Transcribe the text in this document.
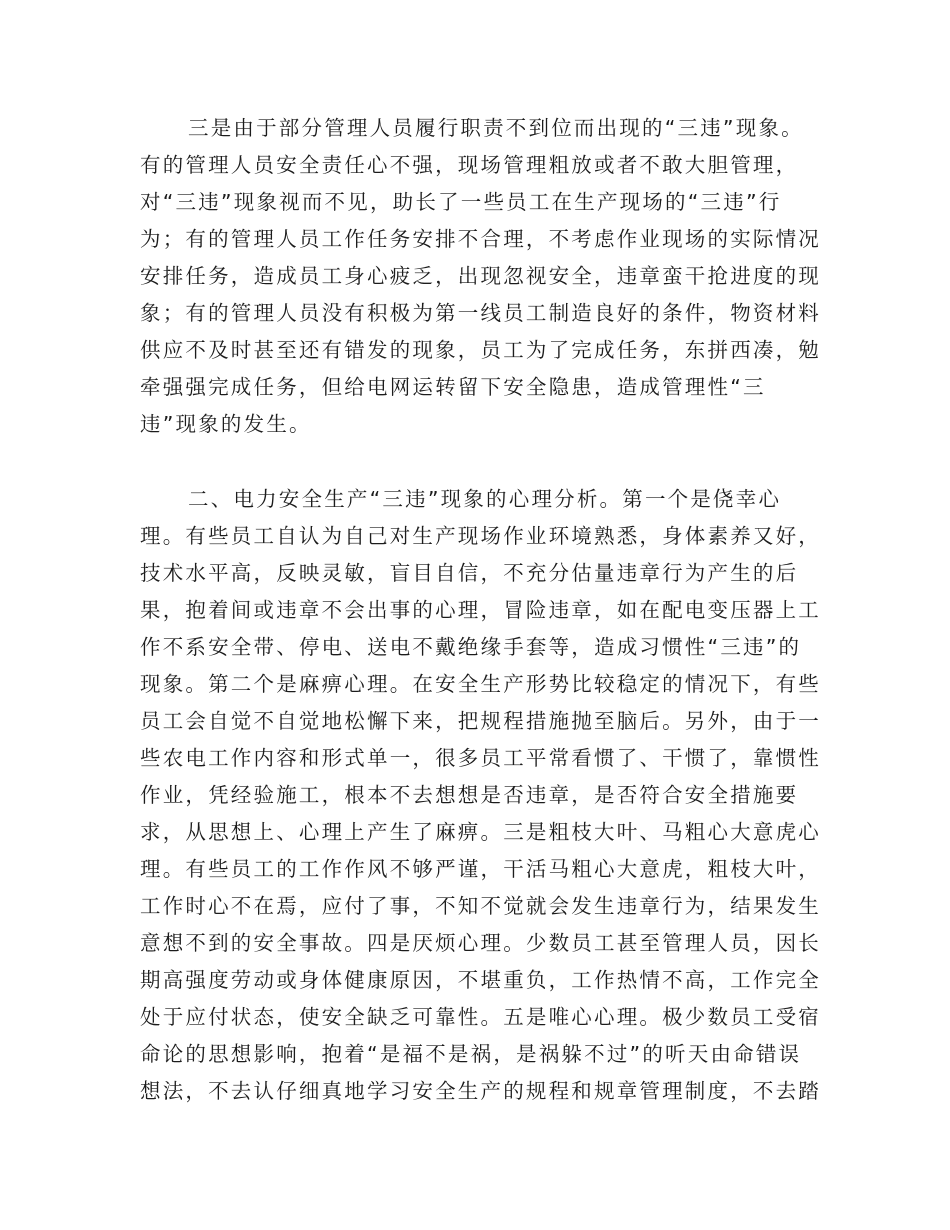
三是由于部分管理人员履行职责不到位而出现的“三违”现象。
有的管理人员安全责任心不强，现场管理粗放或者不敢大胆管理，
对“三违”现象视而不见，助长了一些员工在生产现场的“三违”行
为；有的管理人员工作任务安排不合理，不考虑作业现场的实际情况
安排任务，造成员工身心疲乏，出现忽视安全，违章蛮干抢进度的现
象；有的管理人员没有积极为第一线员工制造良好的条件，物资材料
供应不及时甚至还有错发的现象，员工为了完成任务，东拼西凑，勉
牵强强完成任务，但给电网运转留下安全隐患，造成管理性“三
违”现象的发生。
二、电力安全生产“三违”现象的心理分析。第一个是侥幸心
理。有些员工自认为自己对生产现场作业环境熟悉，身体素养又好，
技术水平高，反映灵敏，盲目自信，不充分估量违章行为产生的后
果，抱着间或违章不会出事的心理，冒险违章，如在配电变压器上工
作不系安全带、停电、送电不戴绝缘手套等，造成习惯性“三违”的
现象。第二个是麻痹心理。在安全生产形势比较稳定的情况下，有些
员工会自觉不自觉地松懈下来，把规程措施抛至脑后。另外，由于一
些农电工作内容和形式单一，很多员工平常看惯了、干惯了，靠惯性
作业，凭经验施工，根本不去想想是否违章，是否符合安全措施要
求，从思想上、心理上产生了麻痹。三是粗枝大叶、马粗心大意虎心
理。有些员工的工作作风不够严谨，干活马粗心大意虎，粗枝大叶，
工作时心不在焉，应付了事，不知不觉就会发生违章行为，结果发生
意想不到的安全事故。四是厌烦心理。少数员工甚至管理人员，因长
期高强度劳动或身体健康原因，不堪重负，工作热情不高，工作完全
处于应付状态，使安全缺乏可靠性。五是唯心心理。极少数员工受宿
命论的思想影响，抱着“是福不是祸，是祸躲不过”的听天由命错误
想法，不去认仔细真地学习安全生产的规程和规章管理制度，不去踏
